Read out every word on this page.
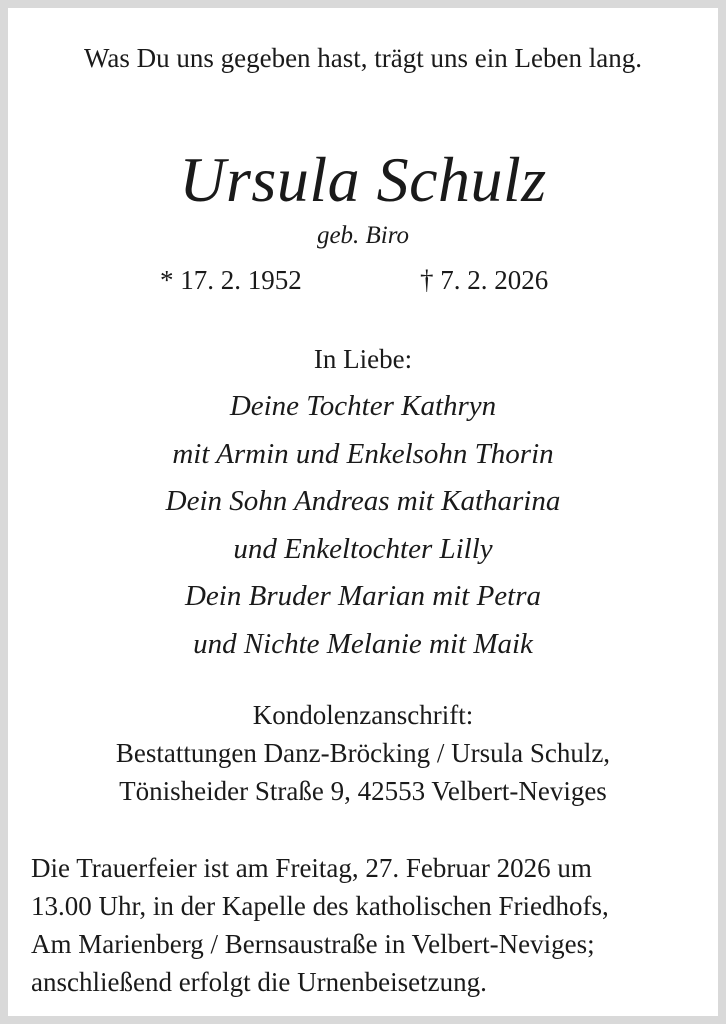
Was Du uns gegeben hast, trägt uns ein Leben lang.
Ursula Schulz
geb. Biro
* 17. 2. 1952	† 7. 2. 2026
In Liebe:
Deine Tochter Kathryn
mit Armin und Enkelsohn Thorin
Dein Sohn Andreas mit Katharina
und Enkeltochter Lilly
Dein Bruder Marian mit Petra
und Nichte Melanie mit Maik
Kondolenzanschrift:
Bestattungen Danz-Bröcking / Ursula Schulz,
Tönisheider Straße 9, 42553 Velbert-Neviges
Die Trauerfeier ist am Freitag, 27. Februar 2026 um
13.00 Uhr, in der Kapelle des katholischen Friedhofs,
Am Marienberg / Bernsaustraße in Velbert-Neviges;
anschließend erfolgt die Urnenbeisetzung.
